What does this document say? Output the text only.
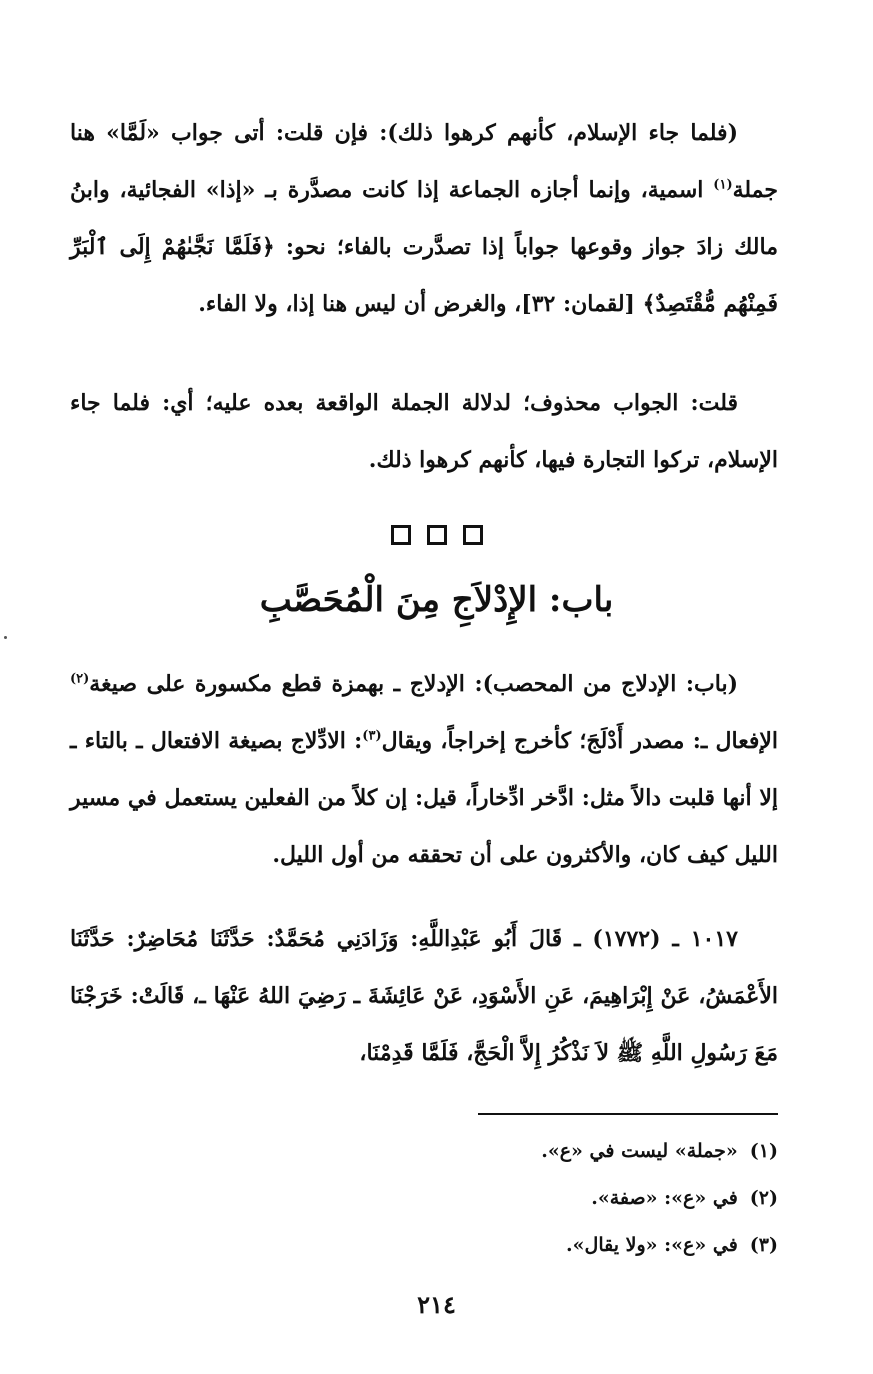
(فلما جاء الإسلام، كأنهم كرهوا ذلك): فإن قلت: أتى جواب «لَمَّا» هنا جملة$^{(١)}$ اسمية، وإنما أجازه الجماعة إذا كانت مصدَّرة بـ «إذا» الفجائية، وابنُ مالك زادَ جواز وقوعها جواباً إذا تصدَّرت بالفاء؛ نحو: ﴿فَلَمَّا نَجَّىٰهُمْ إِلَى ٱلْبَرِّ فَمِنْهُم مُّقْتَصِدٌ﴾ [لقمان: ٣٢]، والغرض أن ليس هنا إذا، ولا الفاء.
قلت: الجواب محذوف؛ لدلالة الجملة الواقعة بعده عليه؛ أي: فلما جاء الإسلام، تركوا التجارة فيها، كأنهم كرهوا ذلك.
باب: الإِدْلاَجِ مِنَ الْمُحَصَّبِ
(باب: الإدلاج من المحصب): الإدلاج ـ بهمزة قطع مكسورة على صيغة$^{(٢)}$ الإفعال ـ: مصدر أَدْلَجَ؛ كأخرج إخراجاً، ويقال$^{(٣)}$: الادِّلاج بصيغة الافتعال ـ بالتاء ـ إلا أنها قلبت دالاً مثل: ادَّخر ادِّخاراً، قيل: إن كلاً من الفعلين يستعمل في مسير الليل كيف كان، والأكثرون على أن تحققه من أول الليل.
١٠١٧ ـ (١٧٧٢) ـ قَالَ أَبُو عَبْدِاللَّهِ: وَزَادَنِي مُحَمَّدٌ: حَدَّثَنَا مُحَاضِرٌ: حَدَّثَنَا الأَعْمَشُ، عَنْ إِبْرَاهِيمَ، عَنِ الأَسْوَدِ، عَنْ عَائِشَةَ ـ رَضِيَ اللهُ عَنْهَا ـ، قَالَتْ: خَرَجْنَا مَعَ رَسُولِ اللَّهِ ﷺ لاَ نَذْكُرُ إِلاَّ الْحَجَّ، فَلَمَّا قَدِمْنَا،
(١)«جملة» ليست في «ع».
(٢)في «ع»: «صفة».
(٣)في «ع»: «ولا يقال».
٢١٤
